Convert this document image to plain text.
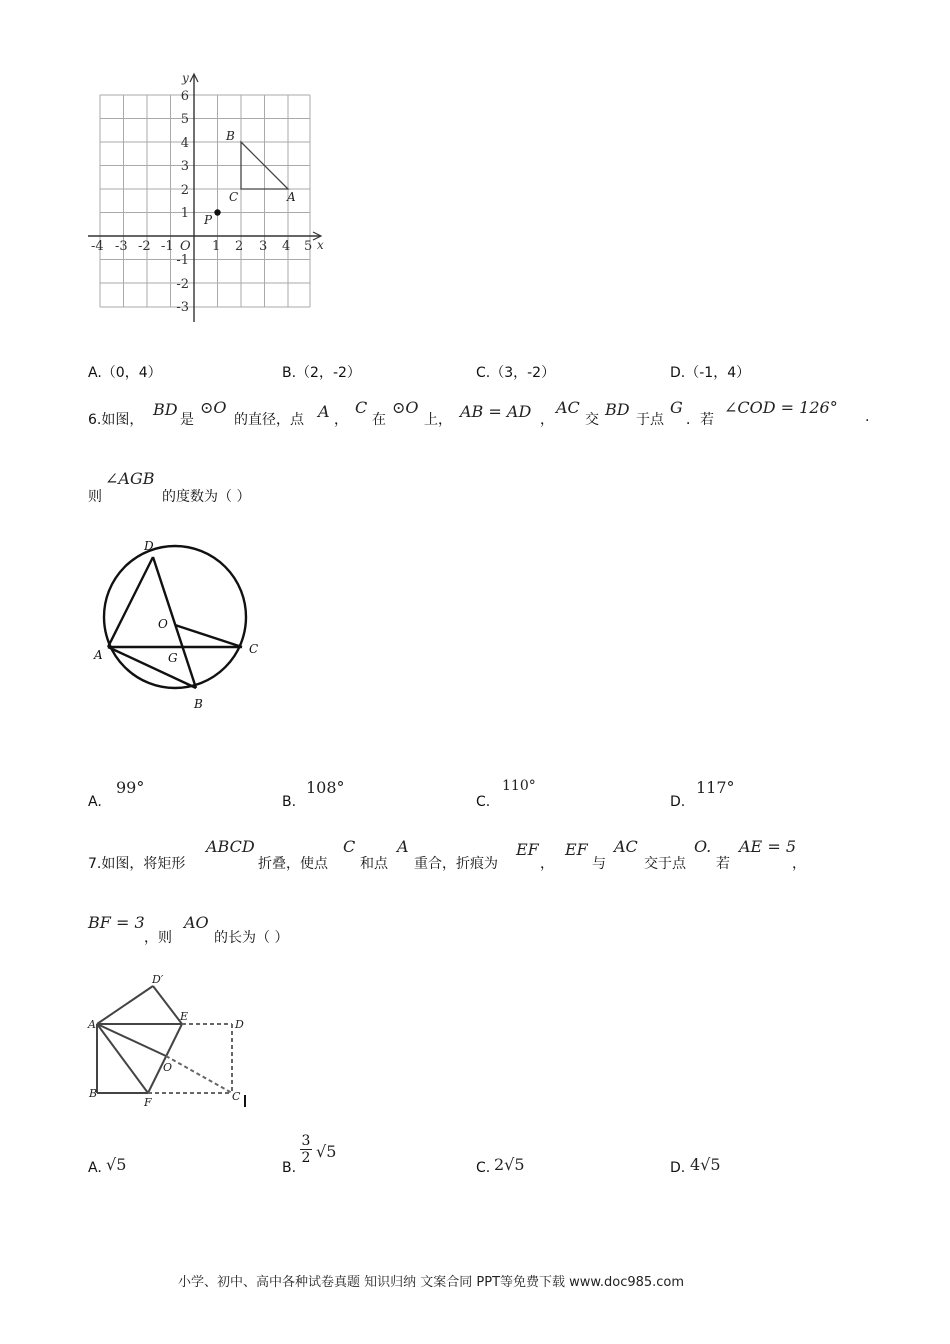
x
y
-4 -3 -2 -1 O 1 2 3 4 5
1
2
3
4
5
6
-1
-2
-3
B
C	A
P
A.（0，4）	B.（2，-2）	C.（3，-2）	D.（-1，4）
6.如图，
BD
是
⊙O
的直径，点 A ，
C
在
⊙O
上， AB = AD ，
AC
交
BD
于点
G
．若
∠COD = 126° .
则
∠AGB
的度数为（ ）
D
O
C
A	G
B
A.
99°
B.
108°
C.
110°
D.
117°
7.如图，将矩形
ABCD
折叠，使点
C
和点
A
重合，折痕为
EF
，
EF
与
AC
交于点
O.
若
AE = 5
，
BF = 3
，则
AO
的长为（ ）
D′
A
E
D
O
B
F	C
A. √5	B.
3
2 √5
C. 2√5	D. 4√5
小学、初中、高中各种试卷真题 知识归纳 文案合同 PPT等免费下载 www.doc985.com
